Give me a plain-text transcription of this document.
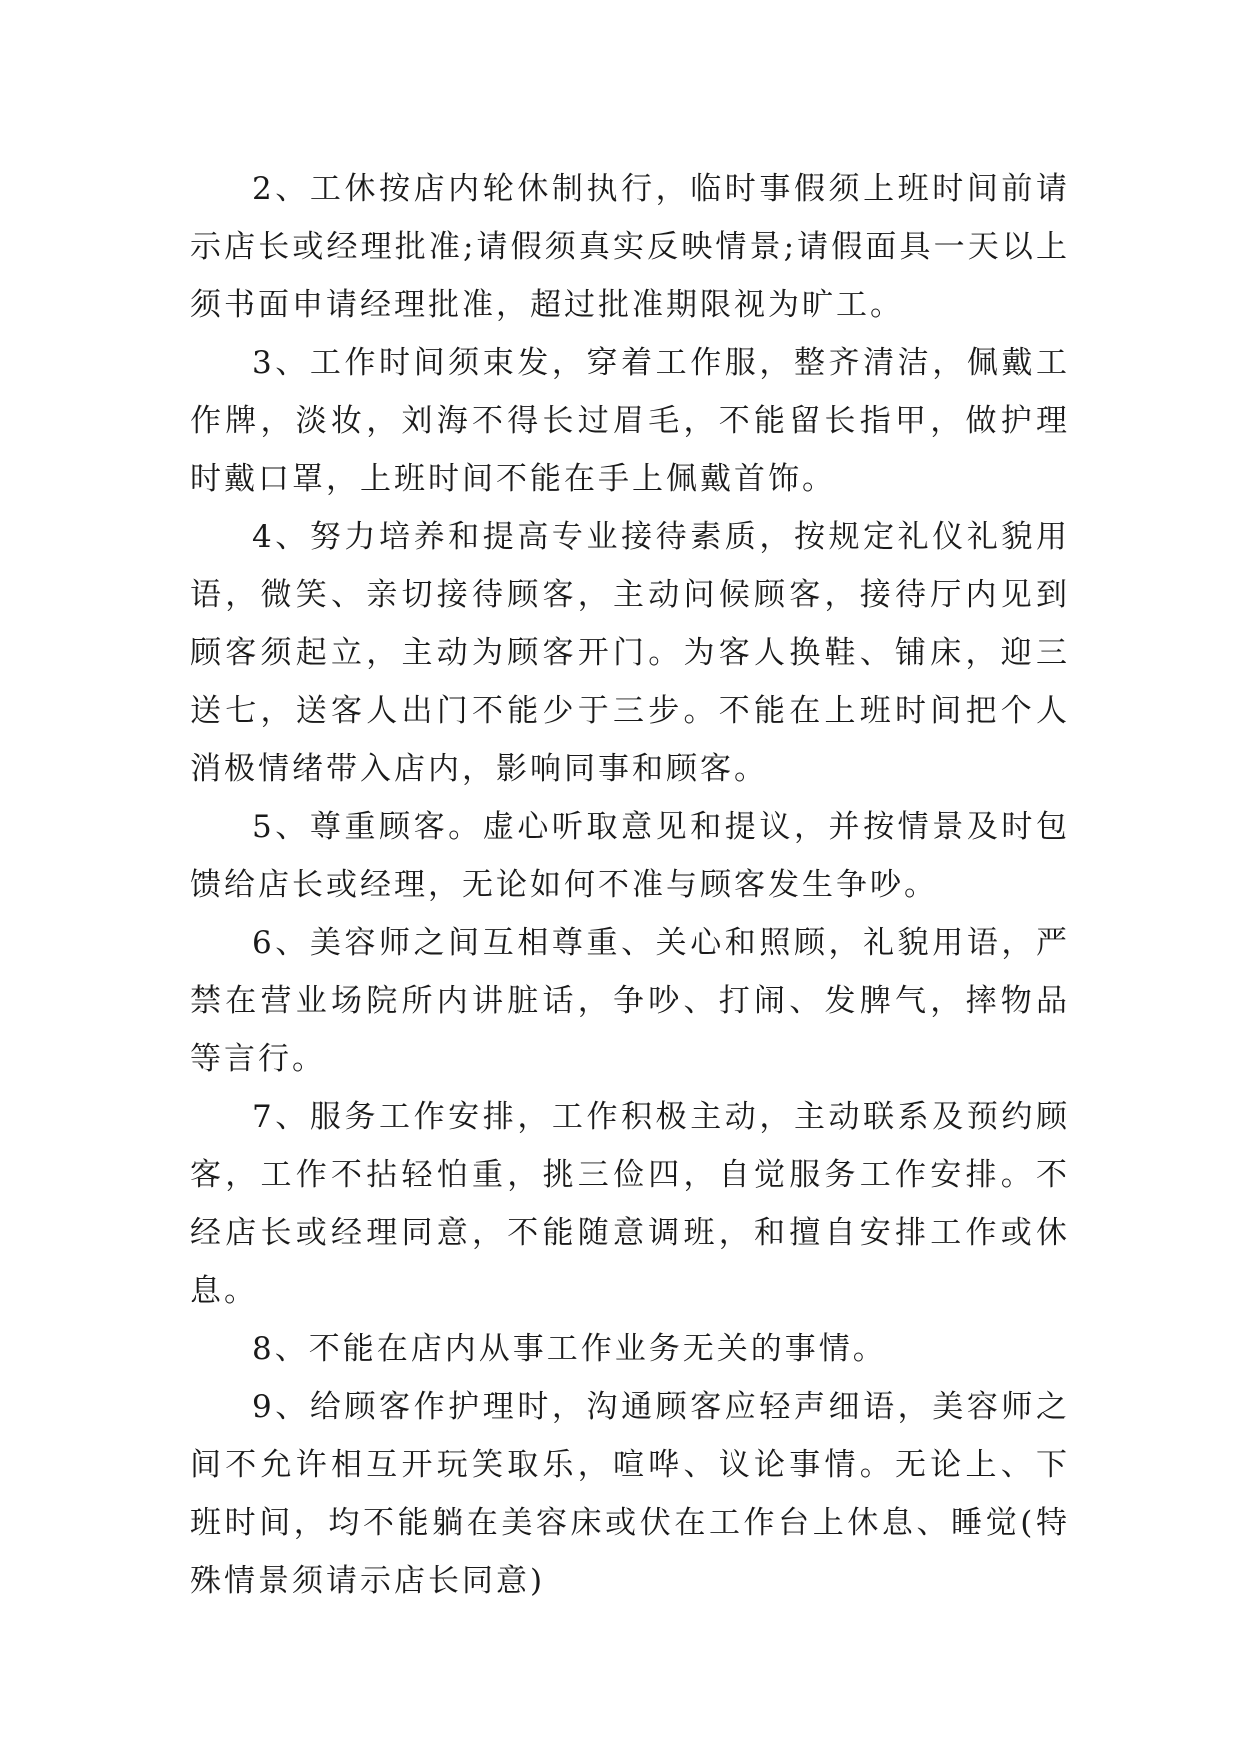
2、工休按店内轮休制执行，临时事假须上班时间前请示店长或经理批准;请假须真实反映情景;请假面具一天以上须书面申请经理批准，超过批准期限视为旷工。

3、工作时间须束发，穿着工作服，整齐清洁，佩戴工作牌，淡妆，刘海不得长过眉毛，不能留长指甲，做护理时戴口罩，上班时间不能在手上佩戴首饰。

4、努力培养和提高专业接待素质，按规定礼仪礼貌用语，微笑、亲切接待顾客，主动问候顾客，接待厅内见到顾客须起立，主动为顾客开门。为客人换鞋、铺床，迎三送七，送客人出门不能少于三步。不能在上班时间把个人消极情绪带入店内，影响同事和顾客。

5、尊重顾客。虚心听取意见和提议，并按情景及时包馈给店长或经理，无论如何不准与顾客发生争吵。

6、美容师之间互相尊重、关心和照顾，礼貌用语，严禁在营业场院所内讲脏话，争吵、打闹、发脾气，摔物品等言行。

7、服务工作安排，工作积极主动，主动联系及预约顾客，工作不拈轻怕重，挑三俭四，自觉服务工作安排。不经店长或经理同意，不能随意调班，和擅自安排工作或休息。

8、不能在店内从事工作业务无关的事情。

9、给顾客作护理时，沟通顾客应轻声细语，美容师之间不允许相互开玩笑取乐，喧哗、议论事情。无论上、下班时间，均不能躺在美容床或伏在工作台上休息、睡觉(特殊情景须请示店长同意)
